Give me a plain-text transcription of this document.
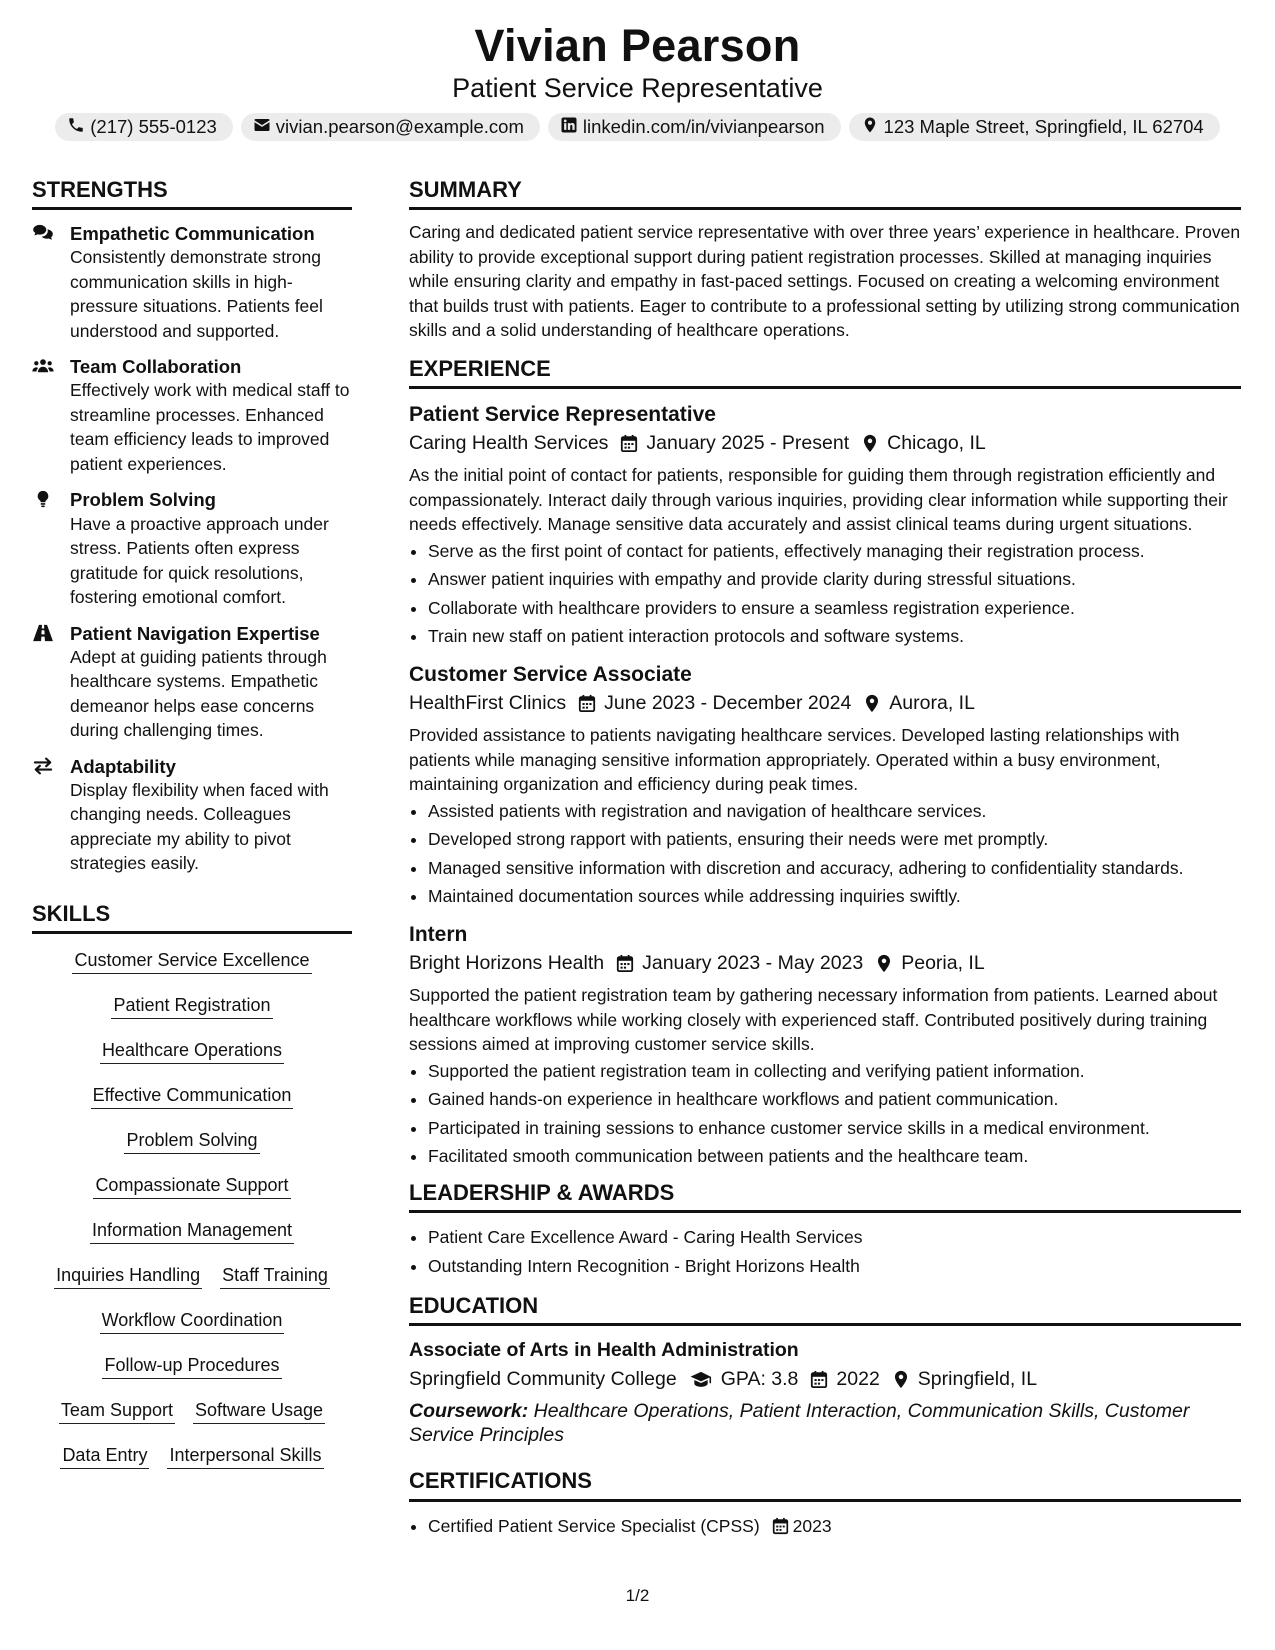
Vivian Pearson
Patient Service Representative
(217) 555-0123	vivian.pearson@example.com	linkedin.com/in/vivianpearson	123 Maple Street, Springfield, IL 62704
STRENGTHS
Empathetic Communication
Consistently demonstrate strong communication skills in high-pressure situations. Patients feel understood and supported.
Team Collaboration
Effectively work with medical staff to streamline processes. Enhanced team efficiency leads to improved patient experiences.
Problem Solving
Have a proactive approach under stress. Patients often express gratitude for quick resolutions, fostering emotional comfort.
Patient Navigation Expertise
Adept at guiding patients through healthcare systems. Empathetic demeanor helps ease concerns during challenging times.
Adaptability
Display flexibility when faced with changing needs. Colleagues appreciate my ability to pivot strategies easily.
SKILLS
Customer Service Excellence
Patient Registration
Healthcare Operations
Effective Communication
Problem Solving
Compassionate Support
Information Management
Inquiries Handling Staff Training
Workflow Coordination
Follow-up Procedures
Team Support Software Usage
Data Entry Interpersonal Skills
SUMMARY
Caring and dedicated patient service representative with over three years’ experience in healthcare. Proven ability to provide exceptional support during patient registration processes. Skilled at managing inquiries while ensuring clarity and empathy in fast-paced settings. Focused on creating a welcoming environment that builds trust with patients. Eager to contribute to a professional setting by utilizing strong communication skills and a solid understanding of healthcare operations.
EXPERIENCE
Patient Service Representative
Caring Health Services January 2025 - Present Chicago, IL
As the initial point of contact for patients, responsible for guiding them through registration efficiently and compassionately. Interact daily through various inquiries, providing clear information while supporting their needs effectively. Manage sensitive data accurately and assist clinical teams during urgent situations.
• Serve as the first point of contact for patients, effectively managing their registration process.
• Answer patient inquiries with empathy and provide clarity during stressful situations.
• Collaborate with healthcare providers to ensure a seamless registration experience.
• Train new staff on patient interaction protocols and software systems.
Customer Service Associate
HealthFirst Clinics June 2023 - December 2024 Aurora, IL
Provided assistance to patients navigating healthcare services. Developed lasting relationships with patients while managing sensitive information appropriately. Operated within a busy environment, maintaining organization and efficiency during peak times.
• Assisted patients with registration and navigation of healthcare services.
• Developed strong rapport with patients, ensuring their needs were met promptly.
• Managed sensitive information with discretion and accuracy, adhering to confidentiality standards.
• Maintained documentation sources while addressing inquiries swiftly.
Intern
Bright Horizons Health January 2023 - May 2023 Peoria, IL
Supported the patient registration team by gathering necessary information from patients. Learned about healthcare workflows while working closely with experienced staff. Contributed positively during training sessions aimed at improving customer service skills.
• Supported the patient registration team in collecting and verifying patient information.
• Gained hands-on experience in healthcare workflows and patient communication.
• Participated in training sessions to enhance customer service skills in a medical environment.
• Facilitated smooth communication between patients and the healthcare team.
LEADERSHIP & AWARDS
• Patient Care Excellence Award - Caring Health Services
• Outstanding Intern Recognition - Bright Horizons Health
EDUCATION
Associate of Arts in Health Administration
Springfield Community College GPA: 3.8 2022 Springfield, IL
Coursework: Healthcare Operations, Patient Interaction, Communication Skills, Customer Service Principles
CERTIFICATIONS
• Certified Patient Service Specialist (CPSS) 2023
1/2
